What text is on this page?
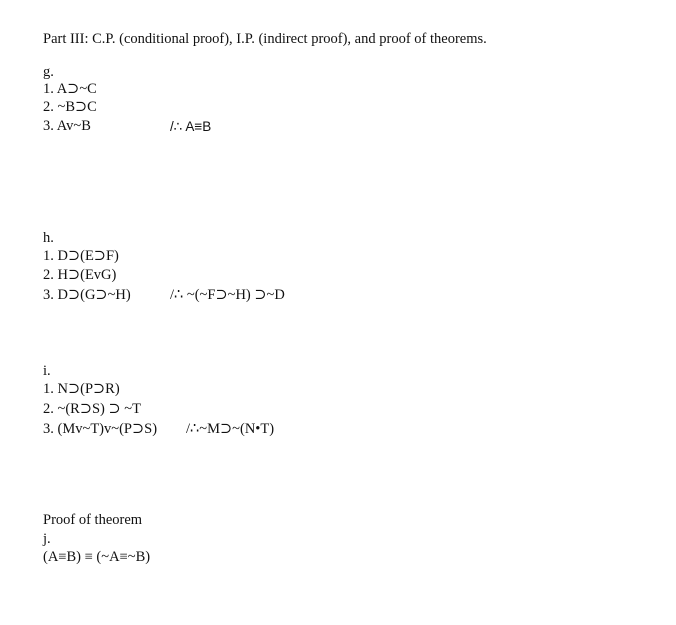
Part III: C.P. (conditional proof), I.P. (indirect proof), and proof of theorems.
g.
1. A⊃~C
2. ~B⊃C
3. Av~B	/∴ A≡B
h.
1. D⊃(E⊃F)
2. H⊃(EvG)
3. D⊃(G⊃~H)	/∴ ~(~F⊃~H) ⊃~D
i.
1. N⊃(P⊃R)
2. ~(R⊃S) ⊃ ~T
3. (Mv~T)v~(P⊃S) /∴~M⊃~(N•T)
Proof of theorem
j.
(A≡B) ≡ (~A≡~B)
